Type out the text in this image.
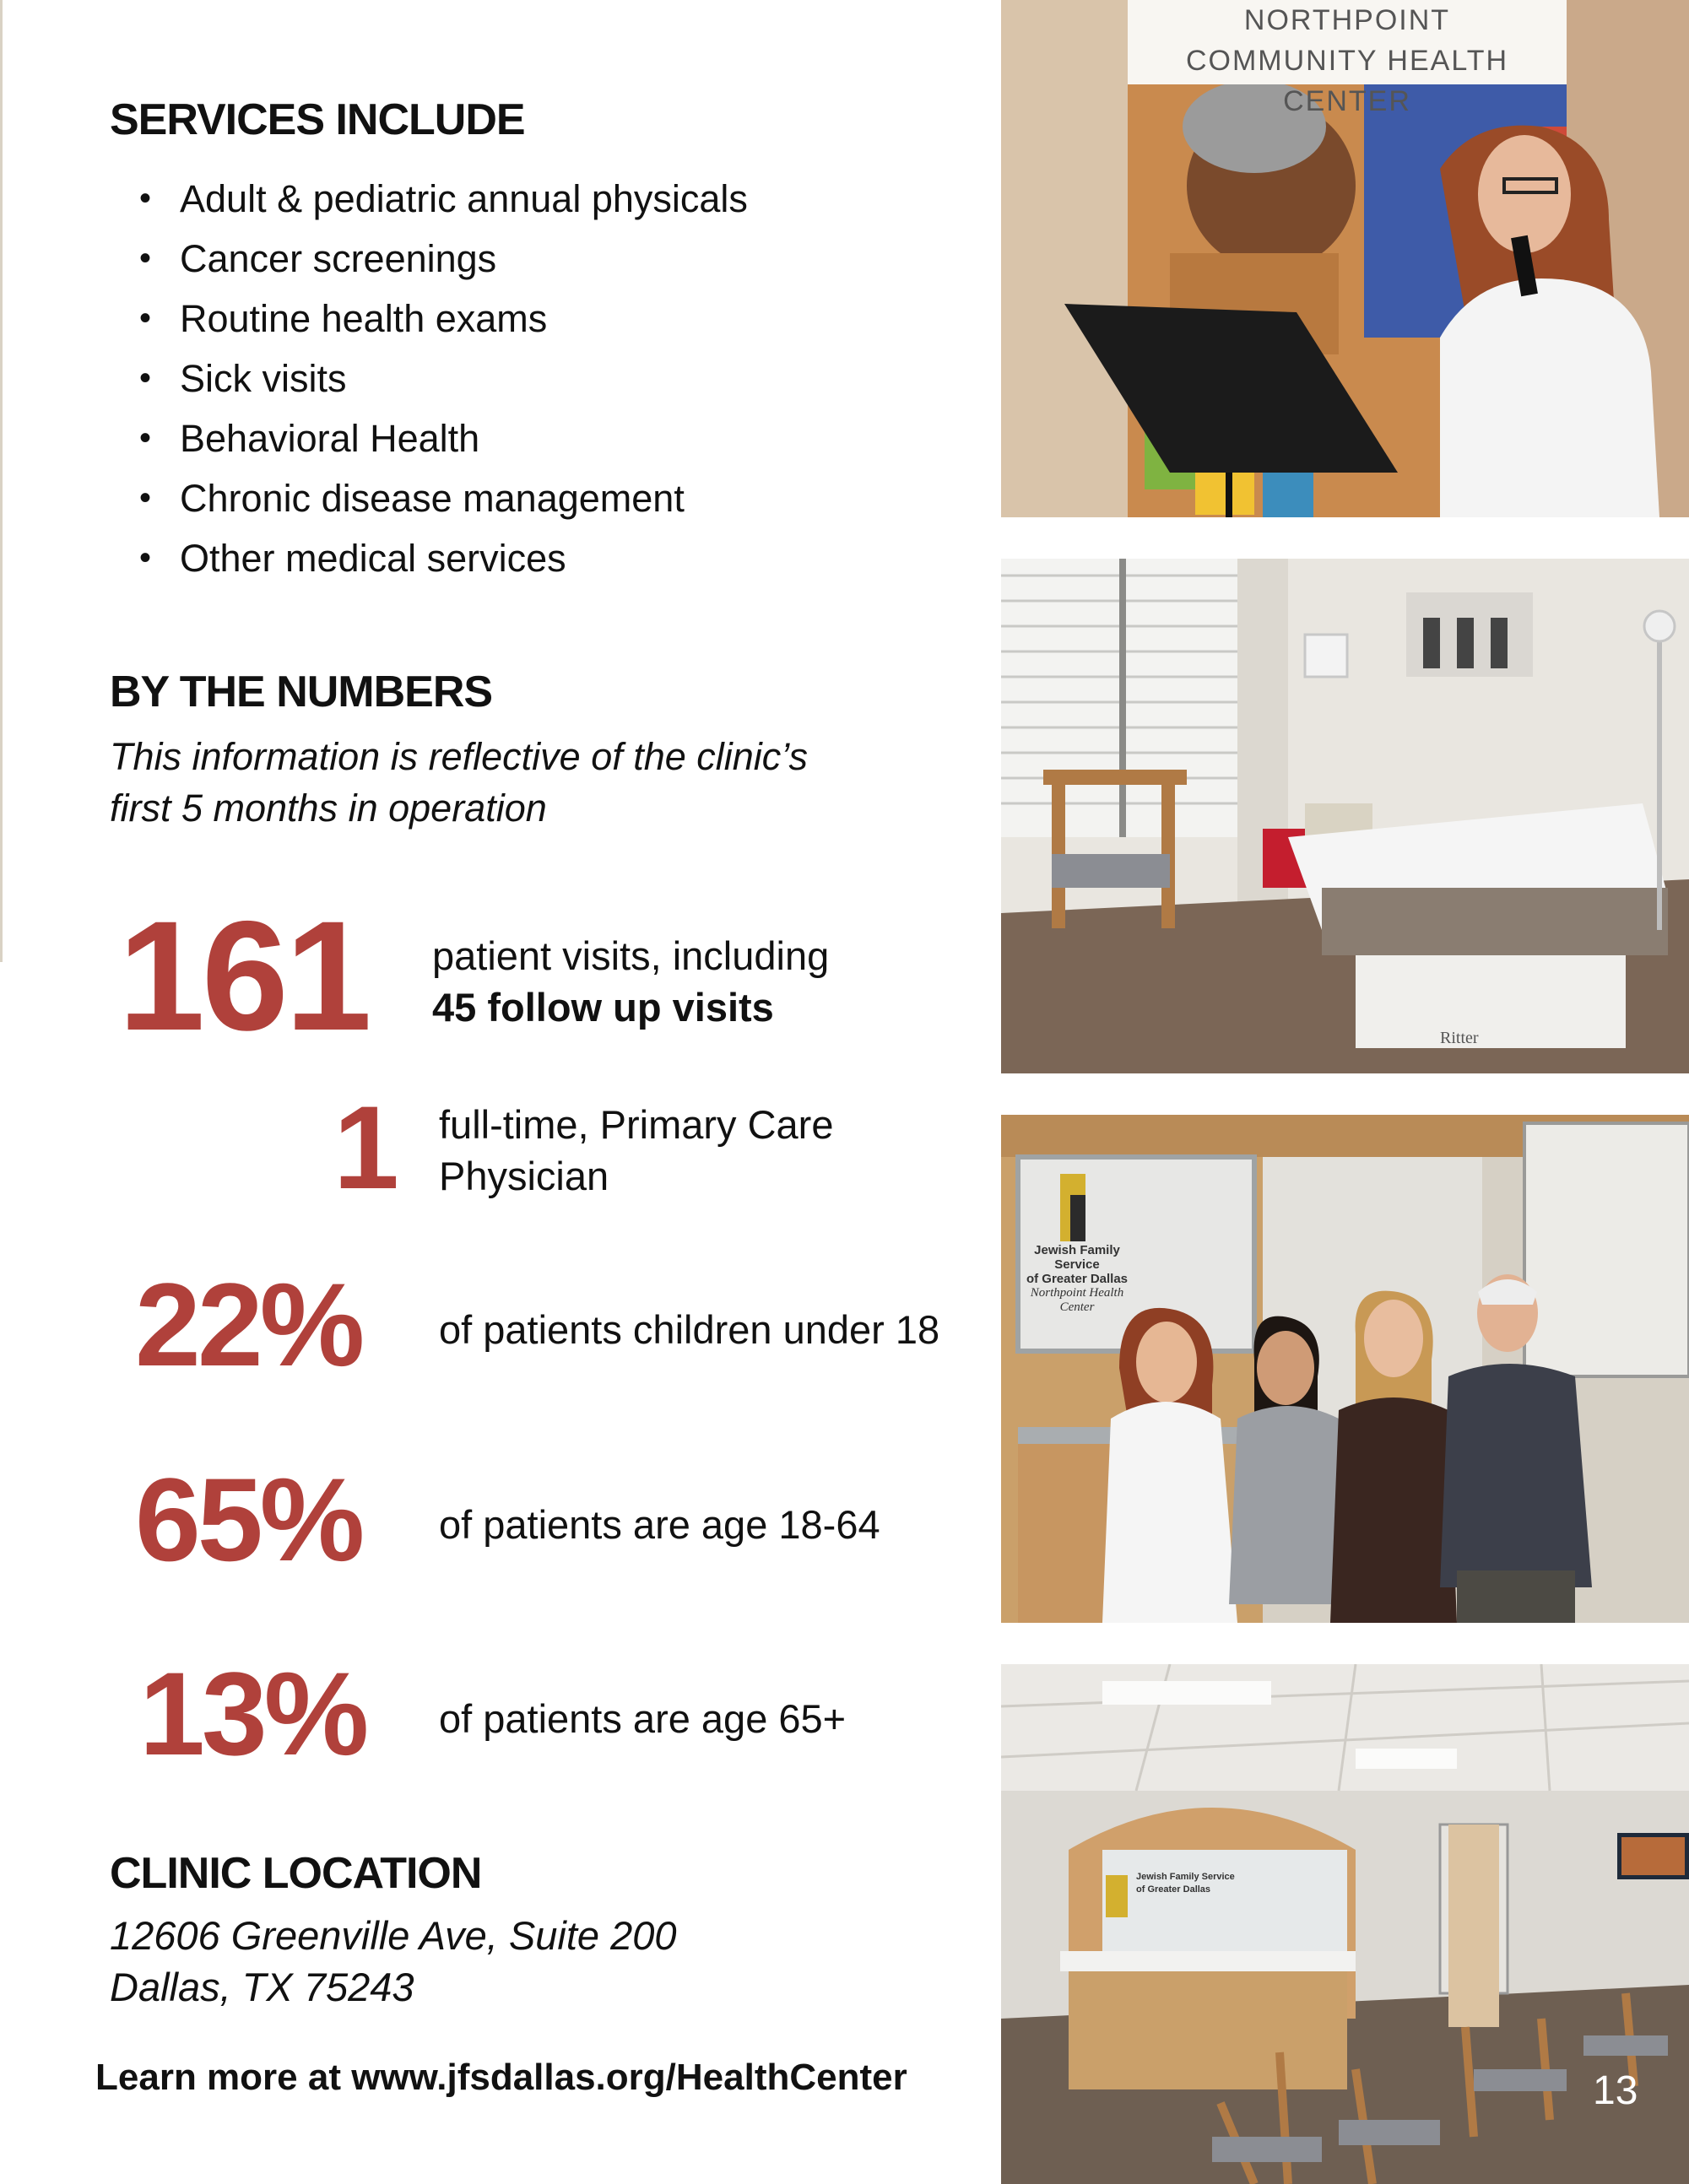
SERVICES INCLUDE
• Adult & pediatric annual physicals
• Cancer screenings
• Routine health exams
• Sick visits
• Behavioral Health
• Chronic disease management
• Other medical services
BY THE NUMBERS
This information is reflective of the clinic’s
first 5 months in operation
161 patient visits, including
45 follow up visits
1 full-time, Primary Care
Physician
22% of patients children under 18
65% of patients are age 18-64
13% of patients are age 65+
CLINIC LOCATION
12606 Greenville Ave, Suite 200
Dallas, TX 75243
Learn more at www.jfsdallas.org/HealthCenter
NORTHPOINT
COMMUNITY HEALTH CENTER
Ritter
Jewish Family Service
of Greater Dallas
Northpoint Health Center
Jewish Family Service
of Greater Dallas
13
